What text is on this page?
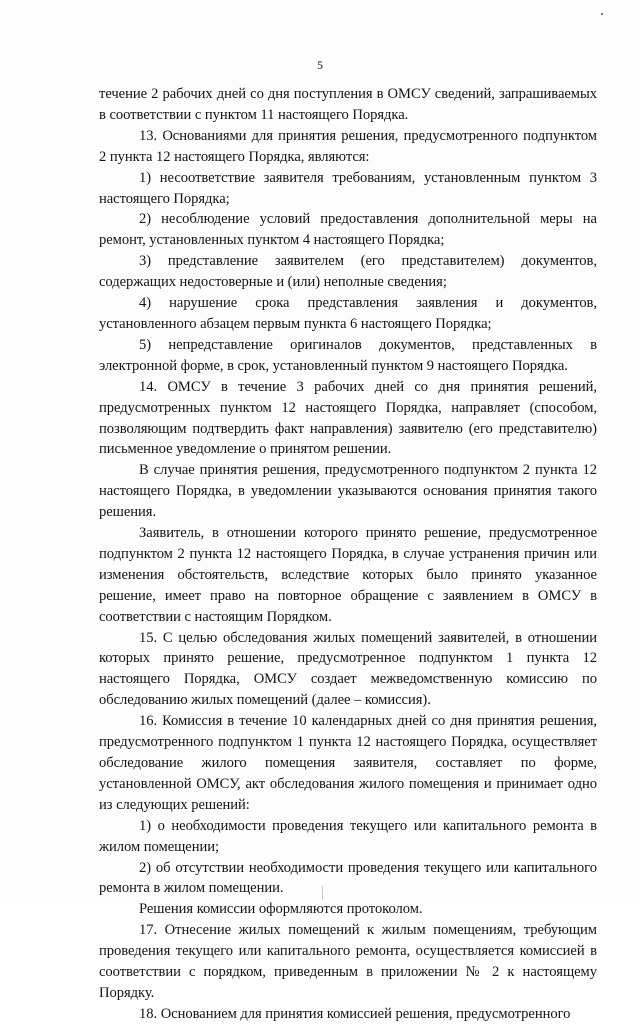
5

течение 2 рабочих дней со дня поступления в ОМСУ сведений, запрашиваемых в соответствии с пунктом 11 настоящего Порядка.

13. Основаниями для принятия решения, предусмотренного подпунктом 2 пункта 12 настоящего Порядка, являются:

1) несоответствие заявителя требованиям, установленным пунктом 3 настоящего Порядка;

2) несоблюдение условий предоставления дополнительной меры на ремонт, установленных пунктом 4 настоящего Порядка;

3) представление заявителем (его представителем) документов, содержащих недостоверные и (или) неполные сведения;

4) нарушение срока представления заявления и документов, установленного абзацем первым пункта 6 настоящего Порядка;

5) непредставление оригиналов документов, представленных в электронной форме, в срок, установленный пунктом 9 настоящего Порядка.

14. ОМСУ в течение 3 рабочих дней со дня принятия решений, предусмотренных пунктом 12 настоящего Порядка, направляет (способом, позволяющим подтвердить факт направления) заявителю (его представителю) письменное уведомление о принятом решении.

В случае принятия решения, предусмотренного подпунктом 2 пункта 12 настоящего Порядка, в уведомлении указываются основания принятия такого решения.

Заявитель, в отношении которого принято решение, предусмотренное подпунктом 2 пункта 12 настоящего Порядка, в случае устранения причин или изменения обстоятельств, вследствие которых было принято указанное решение, имеет право на повторное обращение с заявлением в ОМСУ в соответствии с настоящим Порядком.

15. С целью обследования жилых помещений заявителей, в отношении которых принято решение, предусмотренное подпунктом 1 пункта 12 настоящего Порядка, ОМСУ создает межведомственную комиссию по обследованию жилых помещений (далее – комиссия).

16. Комиссия в течение 10 календарных дней со дня принятия решения, предусмотренного подпунктом 1 пункта 12 настоящего Порядка, осуществляет обследование жилого помещения заявителя, составляет по форме, установленной ОМСУ, акт обследования жилого помещения и принимает одно из следующих решений:

1) о необходимости проведения текущего или капитального ремонта в жилом помещении;

2) об отсутствии необходимости проведения текущего или капитального ремонта в жилом помещении.

Решения комиссии оформляются протоколом.

17. Отнесение жилых помещений к жилым помещениям, требующим проведения текущего или капитального ремонта, осуществляется комиссией в соответствии с порядком, приведенным в приложении № 2 к настоящему Порядку.

18. Основанием для принятия комиссией решения, предусмотренного
